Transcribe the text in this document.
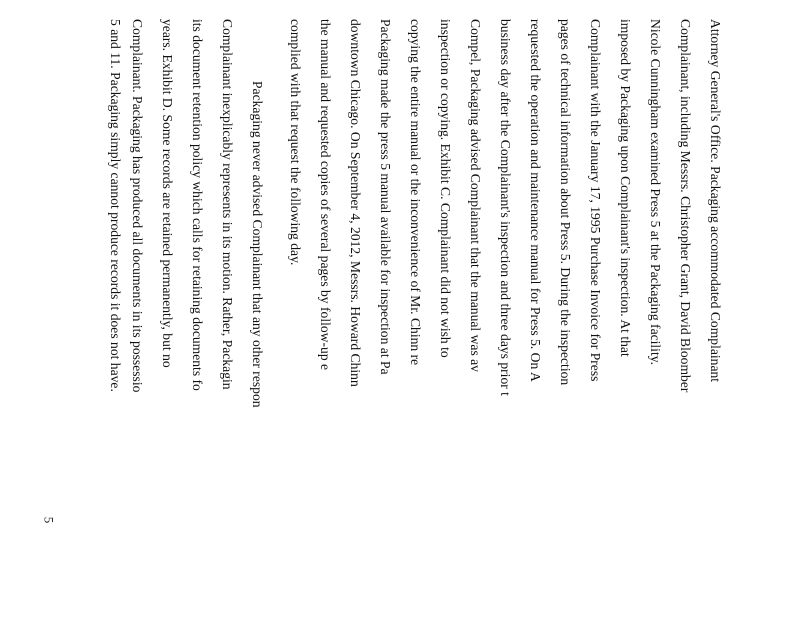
Attorney General's Office. Packaging accommodated Complainant
Complainant, including Messrs. Christopher Grant, David Bloomber
Nicole Cunningham examined Press 5 at the Packaging facility.
imposed by Packaging upon Complainant's inspection. At that
Complainant with the January 17, 1995 Purchase Invoice for Press
pages of technical information about Press 5. During the inspection
requested the operation and maintenance manual for Press 5. On A
business day after the Complainant's inspection and three days prior t
Compel, Packaging advised Complainant that the manual was av
inspection or copying. Exhibit C. Complainant did not wish to
copying the entire manual or the inconvenience of Mr. Chinn re
Packaging made the press 5 manual available for inspection at Pa
downtown Chicago. On September 4, 2012, Messrs. Howard Chinn
the manual and requested copies of several pages by follow-up e
complied with that request the following day.
Packaging never advised Complainant that any other respon
Complainant inexplicably represents in its motion. Rather, Packagin
its document retention policy which calls for retaining documents fo
years. Exhibit D. Some records are retained permanently, but no
Complainant. Packaging has produced all documents in its possessio
5 and 11. Packaging simply cannot produce records it does not have.
5
